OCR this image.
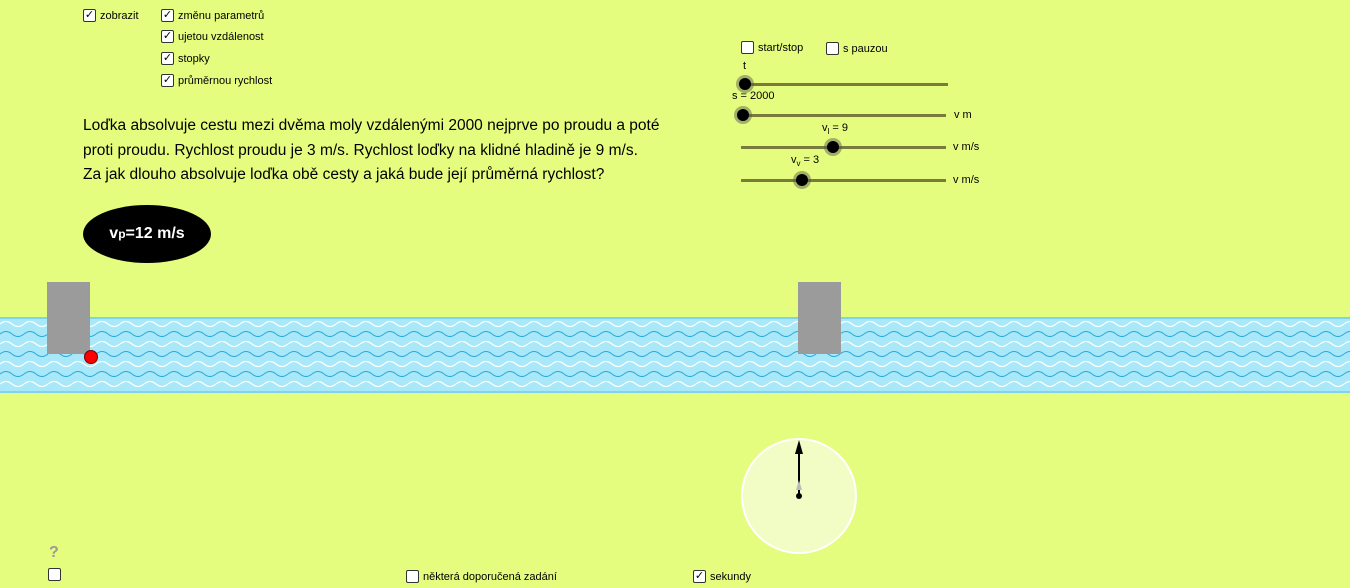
✓ zobrazit ✓ změnu parametrů
✓ ujetou vzdálenost
✓ stopky
✓ průměrnou rychlost
Loďka absolvuje cestu mezi dvěma moly vzdálenými 2000 nejprve po proudu a poté
proti proudu. Rychlost proudu je 3 m/s. Rychlost loďky na klidné hladině je 9 m/s.
Za jak dlouho absolvuje loďka obě cesty a jaká bude její průměrná rychlost?
v p =12 m/s
start/stop	s pauzou
t
s = 2000
v m
$v_l = 9$
v m/s
$v_v = 3$
v m/s
?
některá doporučená zadání	✓ sekundy
